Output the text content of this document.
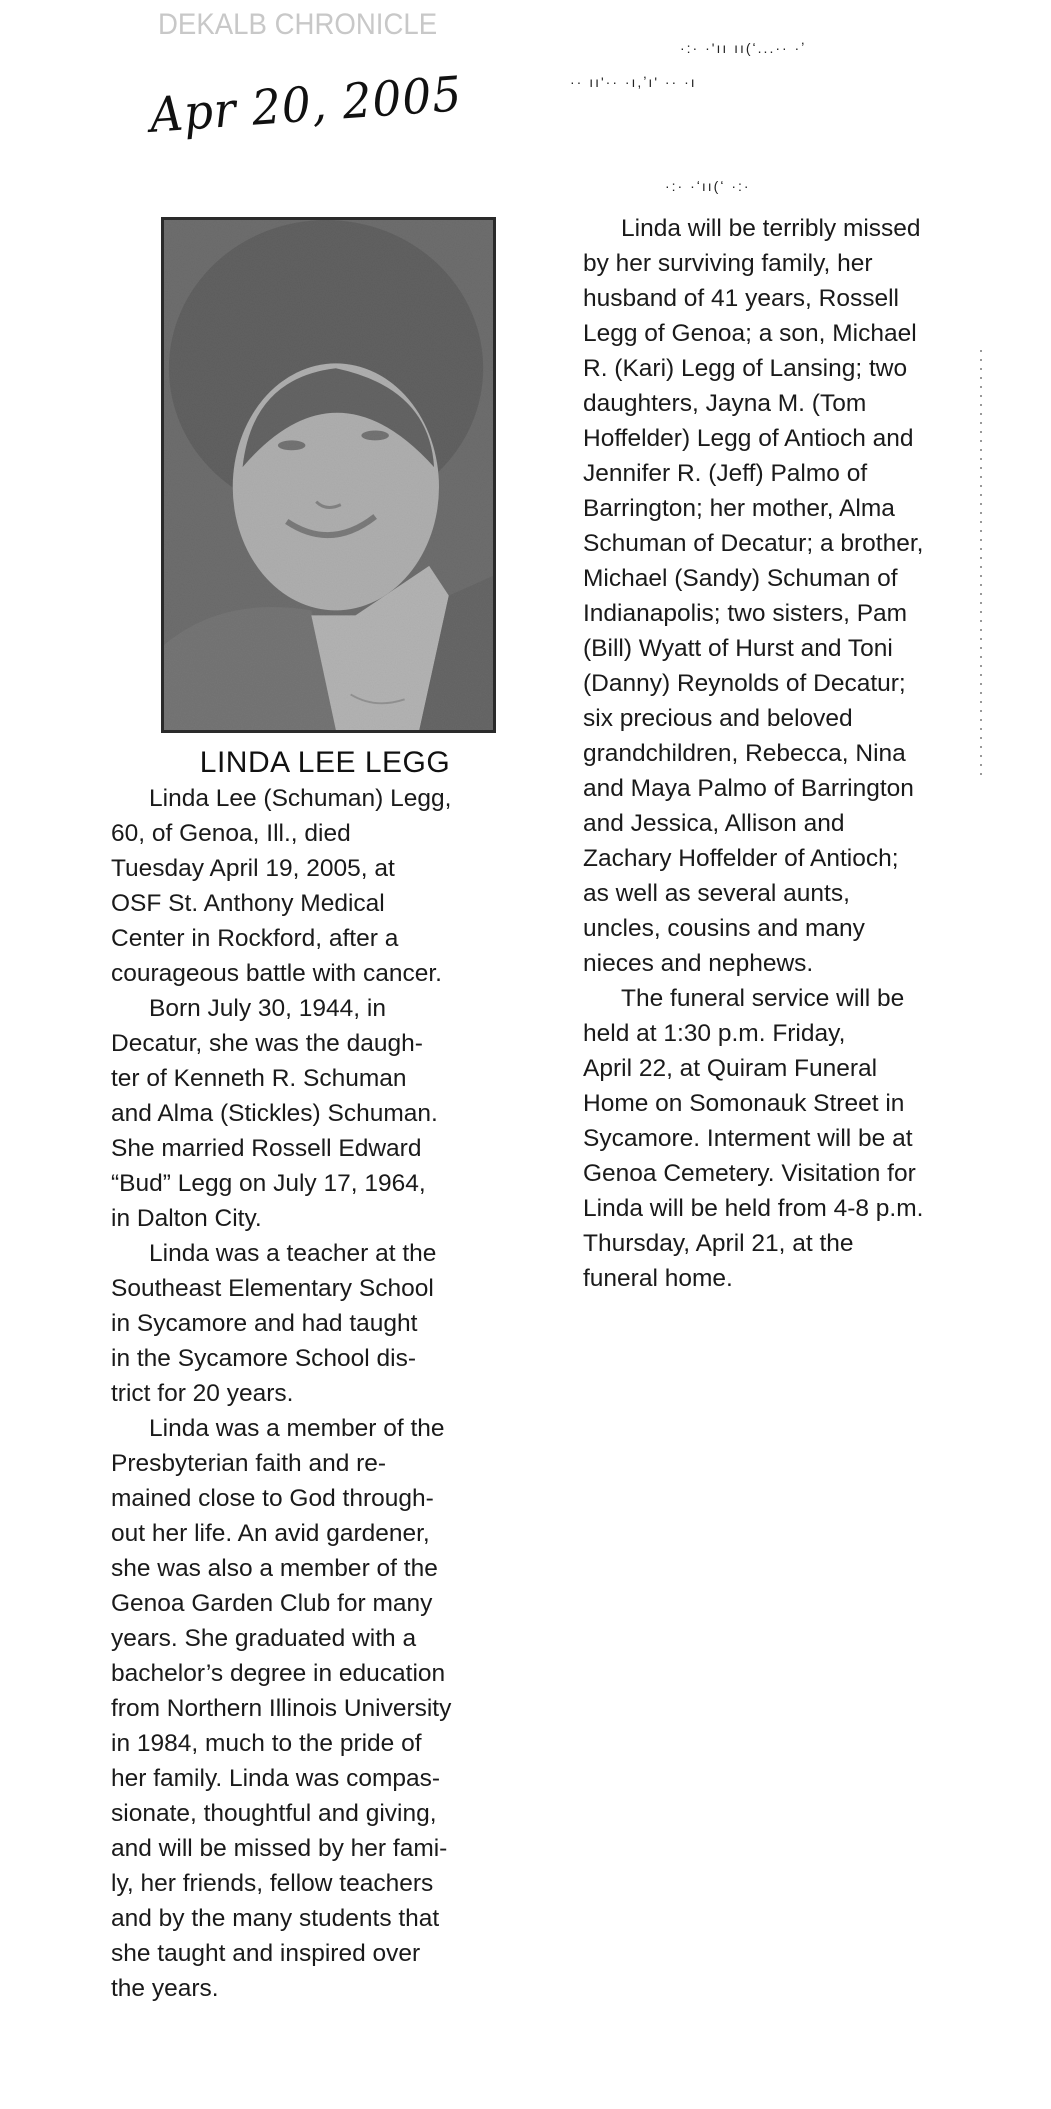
DEKALB CHRONICLE
Apr 20, 2005
·:· ·'ıı ıı(ʻ...·· ·ʼ
·· ıı'·· ·ı,ʼı' ·· ·ı
·:· ·ʻıı(ʻ ·:·
LINDA LEE LEGG

Linda Lee (Schuman) Legg,

60, of Genoa, Ill., died

Tuesday April 19, 2005, at

OSF St. Anthony Medical

Center in Rockford, after a

courageous battle with cancer.

Born July 30, 1944, in

Decatur, she was the daugh-

ter of Kenneth R. Schuman

and Alma (Stickles) Schuman.

She married Rossell Edward

“Bud” Legg on July 17, 1964,

in Dalton City.

Linda was a teacher at the

Southeast Elementary School

in Sycamore and had taught

in the Sycamore School dis-

trict for 20 years.

Linda was a member of the

Presbyterian faith and re-

mained close to God through-

out her life. An avid gardener,

she was also a member of the

Genoa Garden Club for many

years. She graduated with a

bachelor’s degree in education

from Northern Illinois University

in 1984, much to the pride of

her family. Linda was compas-

sionate, thoughtful and giving,

and will be missed by her fami-

ly, her friends, fellow teachers

and by the many students that

she taught and inspired over

the years.

Linda will be terribly missed

by her surviving family, her

husband of 41 years, Rossell

Legg of Genoa; a son, Michael

R. (Kari) Legg of Lansing; two

daughters, Jayna M. (Tom

Hoffelder) Legg of Antioch and

Jennifer R. (Jeff) Palmo of

Barrington; her mother, Alma

Schuman of Decatur; a brother,

Michael (Sandy) Schuman of

Indianapolis; two sisters, Pam

(Bill) Wyatt of Hurst and Toni

(Danny) Reynolds of Decatur;

six precious and beloved

grandchildren, Rebecca, Nina

and Maya Palmo of Barrington

and Jessica, Allison and

Zachary Hoffelder of Antioch;

as well as several aunts,

uncles, cousins and many

nieces and nephews.

The funeral service will be

held at 1:30 p.m. Friday,

April 22, at Quiram Funeral

Home on Somonauk Street in

Sycamore. Interment will be at

Genoa Cemetery. Visitation for

Linda will be held from 4-8 p.m.

Thursday, April 21, at the

funeral home.
